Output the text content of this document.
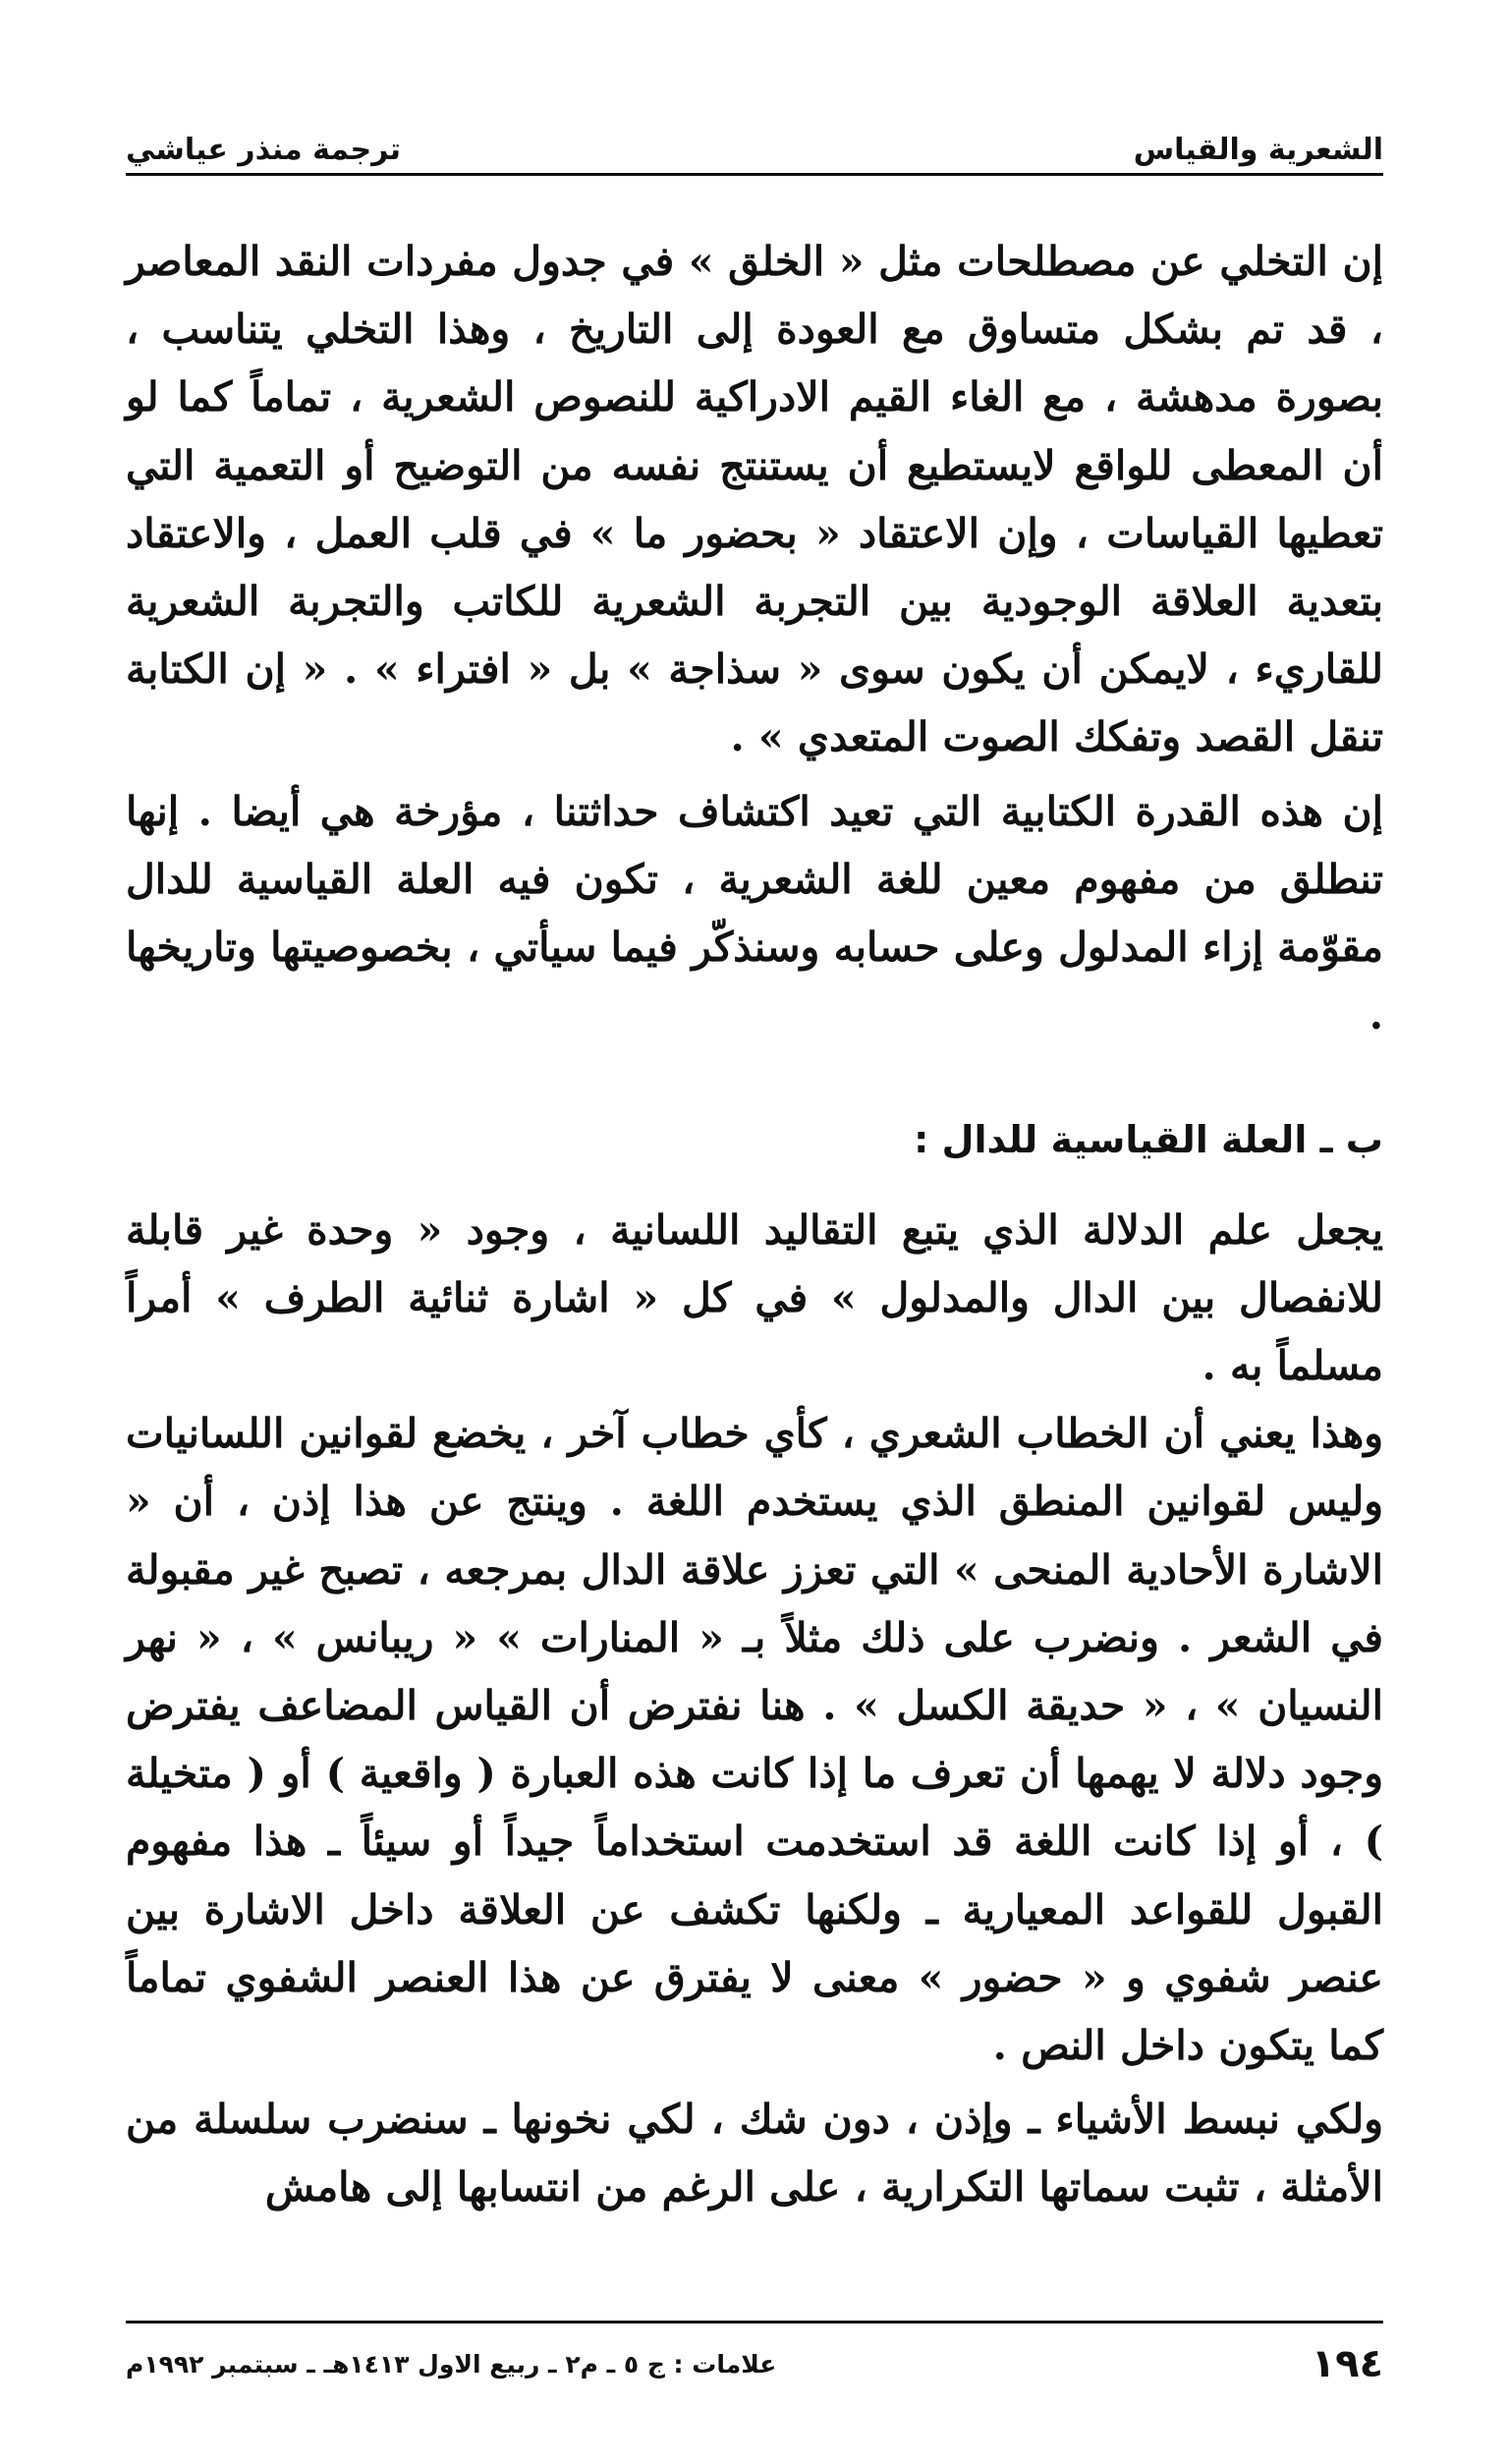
الشعرية والقياس
ترجمة منذر عياشي

إن التخلي عن مصطلحات مثل « الخلق » في جدول مفردات النقد المعاصر ، قد تم بشكل متساوق مع العودة إلى التاريخ ، وهذا التخلي يتناسب ، بصورة مدهشة ، مع الغاء القيم الادراكية للنصوص الشعرية ، تماماً كما لو أن المعطى للواقع لايستطيع أن يستنتج نفسه من التوضيح أو التعمية التي تعطيها القياسات ، وإن الاعتقاد « بحضور ما » في قلب العمل ، والاعتقاد بتعدية العلاقة الوجودية بين التجربة الشعرية للكاتب والتجربة الشعرية للقاريء ، لايمكن أن يكون سوى « سذاجة » بل « افتراء » . « إن الكتابة تنقل القصد وتفكك الصوت المتعدي » .

إن هذه القدرة الكتابية التي تعيد اكتشاف حداثتنا ، مؤرخة هي أيضا . إنها تنطلق من مفهوم معين للغة الشعرية ، تكون فيه العلة القياسية للدال مقوّمة إزاء المدلول وعلى حسابه وسنذكّر فيما سيأتي ، بخصوصيتها وتاريخها .

ب ـ العلة القياسية للدال :

يجعل علم الدلالة الذي يتبع التقاليد اللسانية ، وجود « وحدة غير قابلة للانفصال بين الدال والمدلول » في كل « اشارة ثنائية الطرف » أمراً مسلماً به .

وهذا يعني أن الخطاب الشعري ، كأي خطاب آخر ، يخضع لقوانين اللسانيات وليس لقوانين المنطق الذي يستخدم اللغة . وينتج عن هذا إذن ، أن « الاشارة الأحادية المنحى » التي تعزز علاقة الدال بمرجعه ، تصبح غير مقبولة في الشعر . ونضرب على ذلك مثلاً بـ « المنارات » « ريبانس » ، « نهر النسيان » ، « حديقة الكسل » . هنا نفترض أن القياس المضاعف يفترض وجود دلالة لا يهمها أن تعرف ما إذا كانت هذه العبارة ( واقعية ) أو ( متخيلة ) ، أو إذا كانت اللغة قد استخدمت استخداماً جيداً أو سيئاً ـ هذا مفهوم القبول للقواعد المعيارية ـ ولكنها تكشف عن العلاقة داخل الاشارة بين عنصر شفوي و « حضور » معنى لا يفترق عن هذا العنصر الشفوي تماماً كما يتكون داخل النص .

ولكي نبسط الأشياء ـ وإذن ، دون شك ، لكي نخونها ـ سنضرب سلسلة من الأمثلة ، تثبت سماتها التكرارية ، على الرغم من انتسابها إلى هامش

١٩٤
علامات : ج ٥ ـ م٢ ـ ربيع الاول ١٤١٣هـ ـ سبتمبر ١٩٩٢م
